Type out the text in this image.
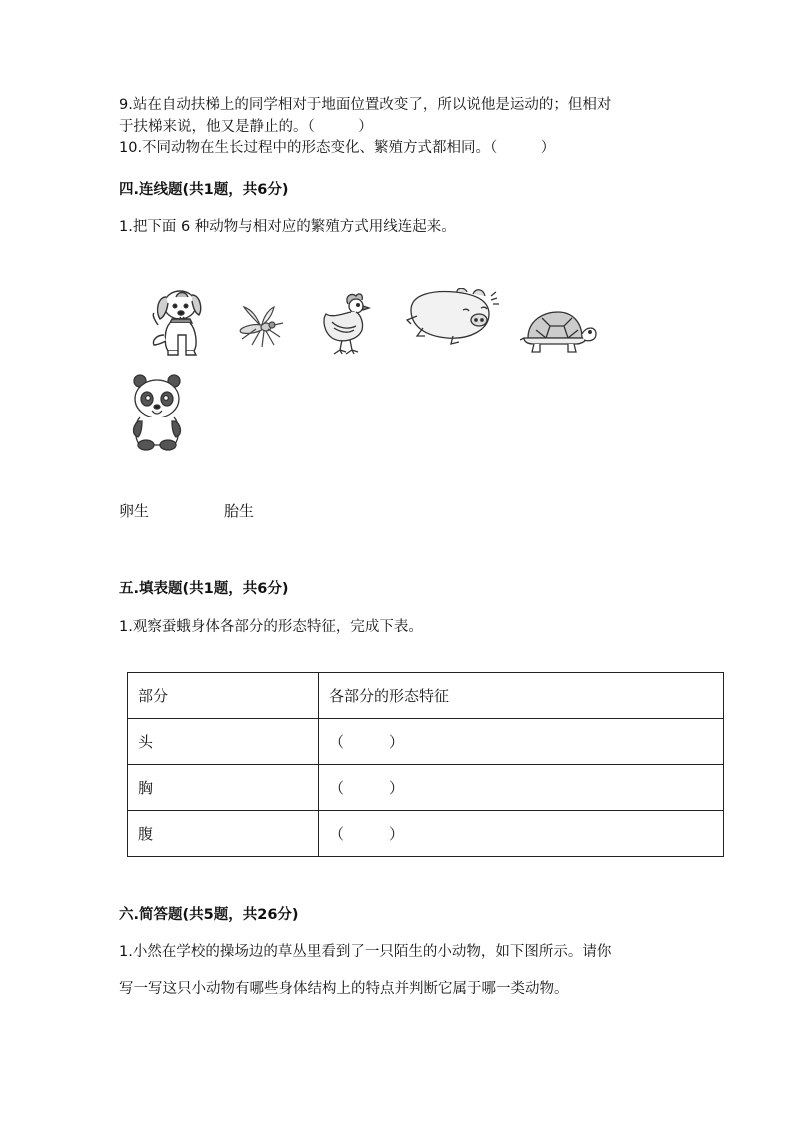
9.站在自动扶梯上的同学相对于地面位置改变了，所以说他是运动的；但相对
于扶梯来说，他又是静止的。（　　　）
10.不同动物在生长过程中的形态变化、繁殖方式都相同。（　　　）
四.连线题(共1题，共6分)
1.把下面 6 种动物与相对应的繁殖方式用线连起来。
卵生	胎生
五.填表题(共1题，共6分)
1.观察蚕蛾身体各部分的形态特征，完成下表。
部分	各部分的形态特征
头	（　　　）
胸	（　　　）
腹	（　　　）
六.简答题(共5题，共26分)
1.小然在学校的操场边的草丛里看到了一只陌生的小动物，如下图所示。请你
写一写这只小动物有哪些身体结构上的特点并判断它属于哪一类动物。
